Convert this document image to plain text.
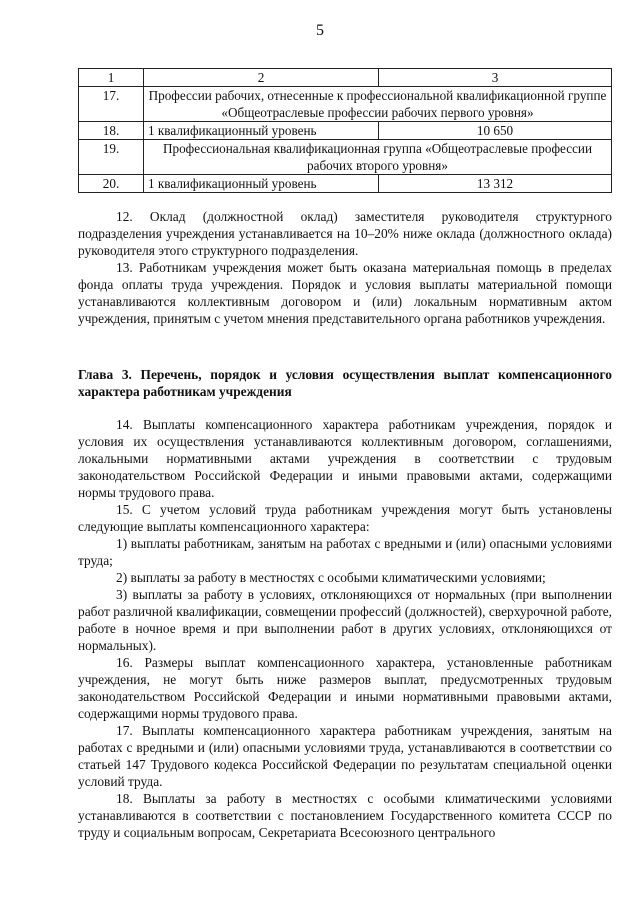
5
1	2	3
17.	Профессии рабочих, отнесенные к профессиональной квалификационной группе «Общеотраслевые профессии рабочих первого уровня»	
18.	1 квалификационный уровень	10 650
19.	Профессиональная квалификационная группа «Общеотраслевые профессии рабочих второго уровня»	
20.	1 квалификационный уровень	13 312

12. Оклад (должностной оклад) заместителя руководителя структурного подразделения учреждения устанавливается на 10–20% ниже оклада (должностного оклада) руководителя этого структурного подразделения.

13. Работникам учреждения может быть оказана материальная помощь в пределах фонда оплаты труда учреждения. Порядок и условия выплаты материальной помощи устанавливаются коллективным договором и (или) локальным нормативным актом учреждения, принятым с учетом мнения представительного органа работников учреждения.

Глава 3. Перечень, порядок и условия осуществления выплат компенсационного характера работникам учреждения

14. Выплаты компенсационного характера работникам учреждения, порядок и условия их осуществления устанавливаются коллективным договором, соглашениями, локальными нормативными актами учреждения в соответствии с трудовым законодательством Российской Федерации и иными правовыми актами, содержащими нормы трудового права.

15. С учетом условий труда работникам учреждения могут быть установлены следующие выплаты компенсационного характера:

1) выплаты работникам, занятым на работах с вредными и (или) опасными условиями труда;

2) выплаты за работу в местностях с особыми климатическими условиями;

3) выплаты за работу в условиях, отклоняющихся от нормальных (при выполнении работ различной квалификации, совмещении профессий (должностей), сверхурочной работе, работе в ночное время и при выполнении работ в других условиях, отклоняющихся от нормальных).

16. Размеры выплат компенсационного характера, установленные работникам учреждения, не могут быть ниже размеров выплат, предусмотренных трудовым законодательством Российской Федерации и иными нормативными правовыми актами, содержащими нормы трудового права.

17. Выплаты компенсационного характера работникам учреждения, занятым на работах с вредными и (или) опасными условиями труда, устанавливаются в соответствии со статьей 147 Трудового кодекса Российской Федерации по результатам специальной оценки условий труда.

18. Выплаты за работу в местностях с особыми климатическими условиями устанавливаются в соответствии с постановлением Государственного комитета СССР по труду и социальным вопросам, Секретариата Всесоюзного центрального
